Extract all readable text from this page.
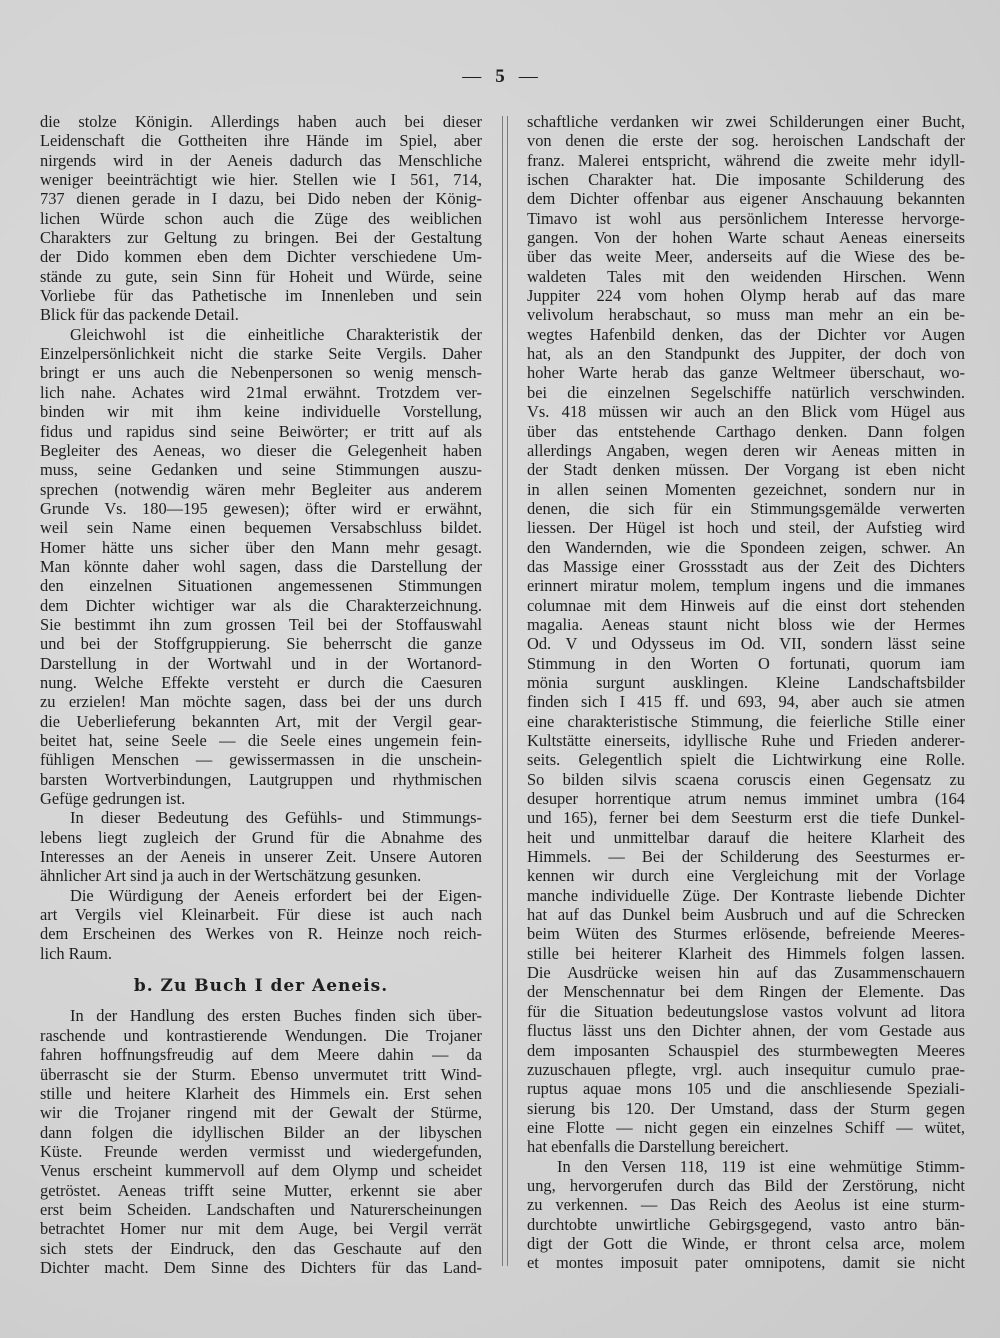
— 5 —
die stolze Königin. Allerdings haben auch bei dieser
Leidenschaft die Gottheiten ihre Hände im Spiel, aber
nirgends wird in der Aeneis dadurch das Menschliche
weniger beeinträchtigt wie hier. Stellen wie I 561, 714,
737 dienen gerade in I dazu, bei Dido neben der König-
lichen Würde schon auch die Züge des weiblichen
Charakters zur Geltung zu bringen. Bei der Gestaltung
der Dido kommen eben dem Dichter verschiedene Um-
stände zu gute, sein Sinn für Hoheit und Würde, seine
Vorliebe für das Pathetische im Innenleben und sein
Blick für das packende Detail.
Gleichwohl ist die einheitliche Charakteristik der
Einzelpersönlichkeit nicht die starke Seite Vergils. Daher
bringt er uns auch die Nebenpersonen so wenig mensch-
lich nahe. Achates wird 21mal erwähnt. Trotzdem ver-
binden wir mit ihm keine individuelle Vorstellung,
fidus und rapidus sind seine Beiwörter; er tritt auf als
Begleiter des Aeneas, wo dieser die Gelegenheit haben
muss, seine Gedanken und seine Stimmungen auszu-
sprechen (notwendig wären mehr Begleiter aus anderem
Grunde Vs. 180—195 gewesen); öfter wird er erwähnt,
weil sein Name einen bequemen Versabschluss bildet.
Homer hätte uns sicher über den Mann mehr gesagt.
Man könnte daher wohl sagen, dass die Darstellung der
den einzelnen Situationen angemessenen Stimmungen
dem Dichter wichtiger war als die Charakterzeichnung.
Sie bestimmt ihn zum grossen Teil bei der Stoffauswahl
und bei der Stoffgruppierung. Sie beherrscht die ganze
Darstellung in der Wortwahl und in der Wortanord-
nung. Welche Effekte versteht er durch die Caesuren
zu erzielen! Man möchte sagen, dass bei der uns durch
die Ueberlieferung bekannten Art, mit der Vergil gear-
beitet hat, seine Seele — die Seele eines ungemein fein-
fühligen Menschen — gewissermassen in die unschein-
barsten Wortverbindungen, Lautgruppen und rhythmischen
Gefüge gedrungen ist.
In dieser Bedeutung des Gefühls- und Stimmungs-
lebens liegt zugleich der Grund für die Abnahme des
Interesses an der Aeneis in unserer Zeit. Unsere Autoren
ähnlicher Art sind ja auch in der Wertschätzung gesunken.
Die Würdigung der Aeneis erfordert bei der Eigen-
art Vergils viel Kleinarbeit. Für diese ist auch nach
dem Erscheinen des Werkes von R. Heinze noch reich-
lich Raum.
b. Zu Buch I der Aeneis.
In der Handlung des ersten Buches finden sich über-
raschende und kontrastierende Wendungen. Die Trojaner
fahren hoffnungsfreudig auf dem Meere dahin — da
überrascht sie der Sturm. Ebenso unvermutet tritt Wind-
stille und heitere Klarheit des Himmels ein. Erst sehen
wir die Trojaner ringend mit der Gewalt der Stürme,
dann folgen die idyllischen Bilder an der libyschen
Küste. Freunde werden vermisst und wiedergefunden,
Venus erscheint kummervoll auf dem Olymp und scheidet
getröstet. Aeneas trifft seine Mutter, erkennt sie aber
erst beim Scheiden. Landschaften und Naturerscheinungen
betrachtet Homer nur mit dem Auge, bei Vergil verrät
sich stets der Eindruck, den das Geschaute auf den
Dichter macht. Dem Sinne des Dichters für das Land-
schaftliche verdanken wir zwei Schilderungen einer Bucht,
von denen die erste der sog. heroischen Landschaft der
franz. Malerei entspricht, während die zweite mehr idyll-
ischen Charakter hat. Die imposante Schilderung des
dem Dichter offenbar aus eigener Anschauung bekannten
Timavo ist wohl aus persönlichem Interesse hervorge-
gangen. Von der hohen Warte schaut Aeneas einerseits
über das weite Meer, anderseits auf die Wiese des be-
waldeten Tales mit den weidenden Hirschen. Wenn
Juppiter 224 vom hohen Olymp herab auf das mare
velivolum herabschaut, so muss man mehr an ein be-
wegtes Hafenbild denken, das der Dichter vor Augen
hat, als an den Standpunkt des Juppiter, der doch von
hoher Warte herab das ganze Weltmeer überschaut, wo-
bei die einzelnen Segelschiffe natürlich verschwinden.
Vs. 418 müssen wir auch an den Blick vom Hügel aus
über das entstehende Carthago denken. Dann folgen
allerdings Angaben, wegen deren wir Aeneas mitten in
der Stadt denken müssen. Der Vorgang ist eben nicht
in allen seinen Momenten gezeichnet, sondern nur in
denen, die sich für ein Stimmungsgemälde verwerten
liessen. Der Hügel ist hoch und steil, der Aufstieg wird
den Wandernden, wie die Spondeen zeigen, schwer. An
das Massige einer Grossstadt aus der Zeit des Dichters
erinnert miratur molem, templum ingens und die immanes
columnae mit dem Hinweis auf die einst dort stehenden
magalia. Aeneas staunt nicht bloss wie der Hermes
Od. V und Odysseus im Od. VII, sondern lässt seine
Stimmung in den Worten O fortunati, quorum iam
mönia surgunt ausklingen. Kleine Landschaftsbilder
finden sich I 415 ff. und 693, 94, aber auch sie atmen
eine charakteristische Stimmung, die feierliche Stille einer
Kultstätte einerseits, idyllische Ruhe und Frieden anderer-
seits. Gelegentlich spielt die Lichtwirkung eine Rolle.
So bilden silvis scaena coruscis einen Gegensatz zu
desuper horrentique atrum nemus imminet umbra (164
und 165), ferner bei dem Seesturm erst die tiefe Dunkel-
heit und unmittelbar darauf die heitere Klarheit des
Himmels. — Bei der Schilderung des Seesturmes er-
kennen wir durch eine Vergleichung mit der Vorlage
manche individuelle Züge. Der Kontraste liebende Dichter
hat auf das Dunkel beim Ausbruch und auf die Schrecken
beim Wüten des Sturmes erlösende, befreiende Meeres-
stille bei heiterer Klarheit des Himmels folgen lassen.
Die Ausdrücke weisen hin auf das Zusammenschauern
der Menschennatur bei dem Ringen der Elemente. Das
für die Situation bedeutungslose vastos volvunt ad litora
fluctus lässt uns den Dichter ahnen, der vom Gestade aus
dem imposanten Schauspiel des sturmbewegten Meeres
zuzuschauen pflegte, vrgl. auch insequitur cumulo prae-
ruptus aquae mons 105 und die anschliesende Speziali-
sierung bis 120. Der Umstand, dass der Sturm gegen
eine Flotte — nicht gegen ein einzelnes Schiff — wütet,
hat ebenfalls die Darstellung bereichert.
In den Versen 118, 119 ist eine wehmütige Stimm-
ung, hervorgerufen durch das Bild der Zerstörung, nicht
zu verkennen. — Das Reich des Aeolus ist eine sturm-
durchtobte unwirtliche Gebirgsgegend, vasto antro bän-
digt der Gott die Winde, er thront celsa arce, molem
et montes imposuit pater omnipotens, damit sie nicht
